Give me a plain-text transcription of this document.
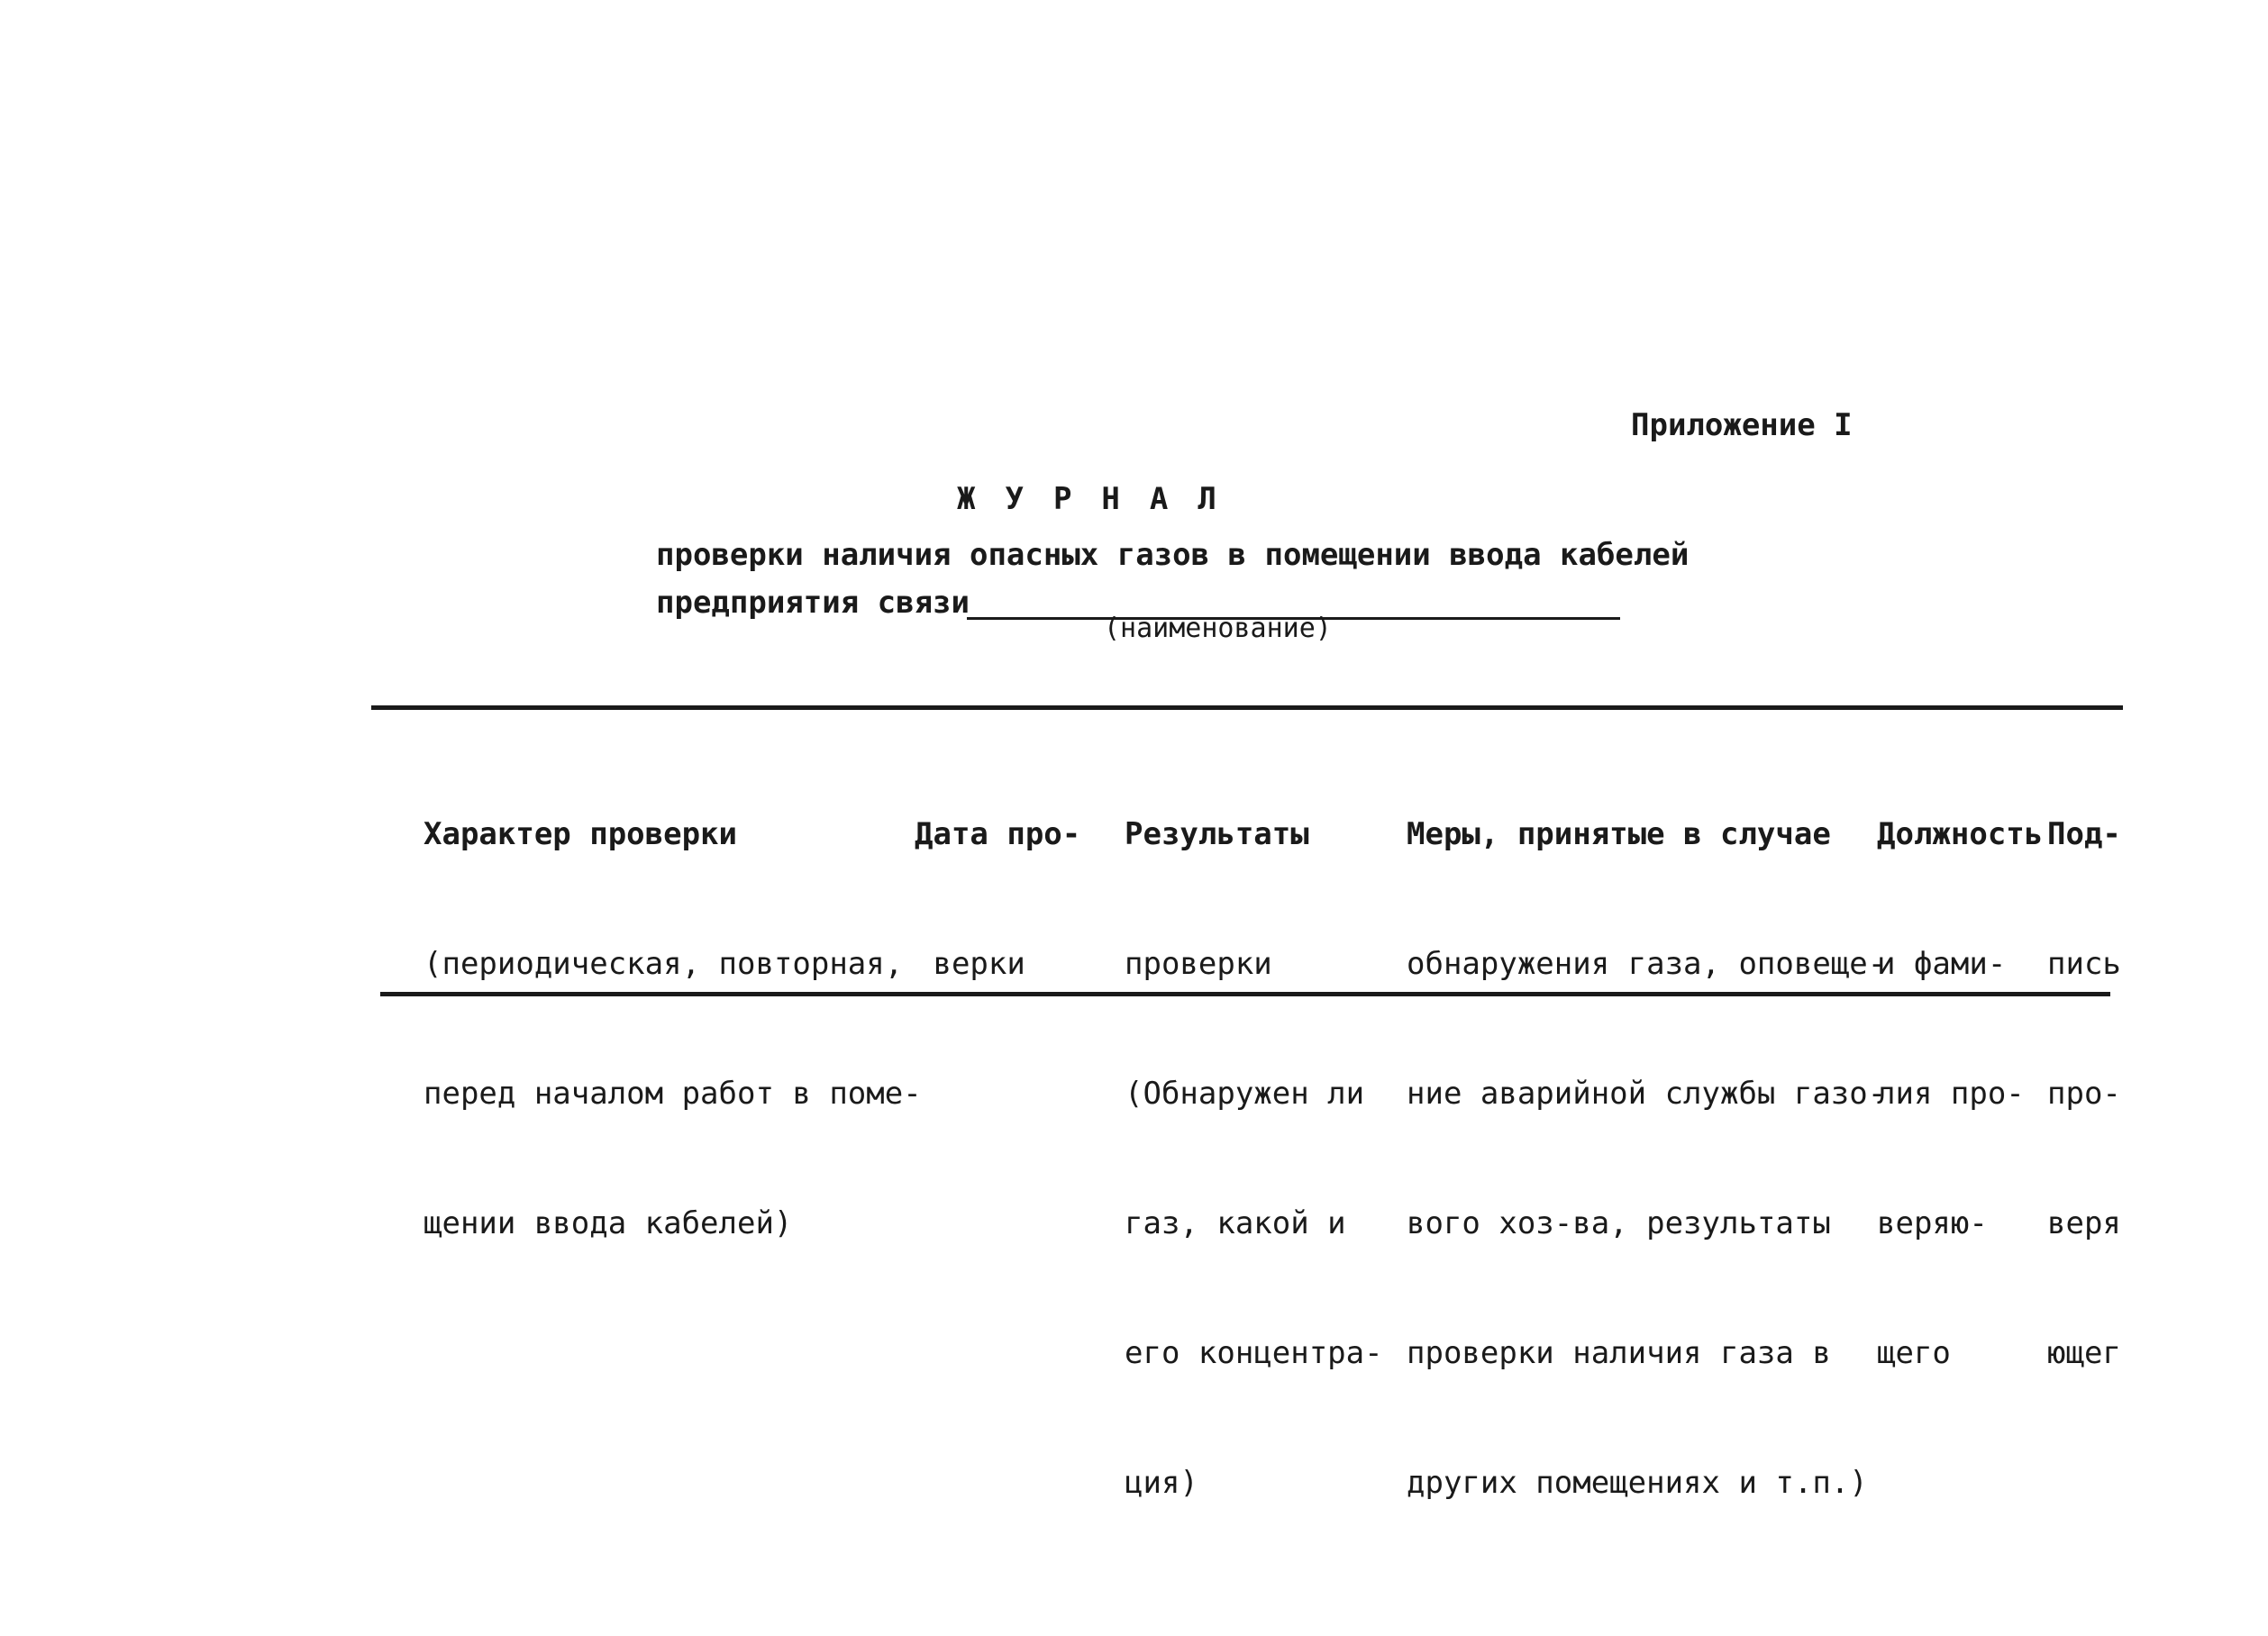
Приложение I
ЖУРНАЛ
проверки наличия опасных газов в помещении ввода кабелей
предприятия связи
(наименование)

Характер проверки

(периодическая, повторная,

перед началом работ в поме-

щении ввода кабелей)

Дата про-

верки

Результаты

проверки

(Обнаружен ли

газ, какой и

его концентра-

ция)

Меры, принятые в случае

обнаружения газа, оповеще-

ние аварийной службы газо-

вого хоз-ва, результаты

проверки наличия газа в

других помещениях и т.п.)

Должность

и фами-

лия про-

веряю-

щего

Под-

пись

про-

веря

ющег
